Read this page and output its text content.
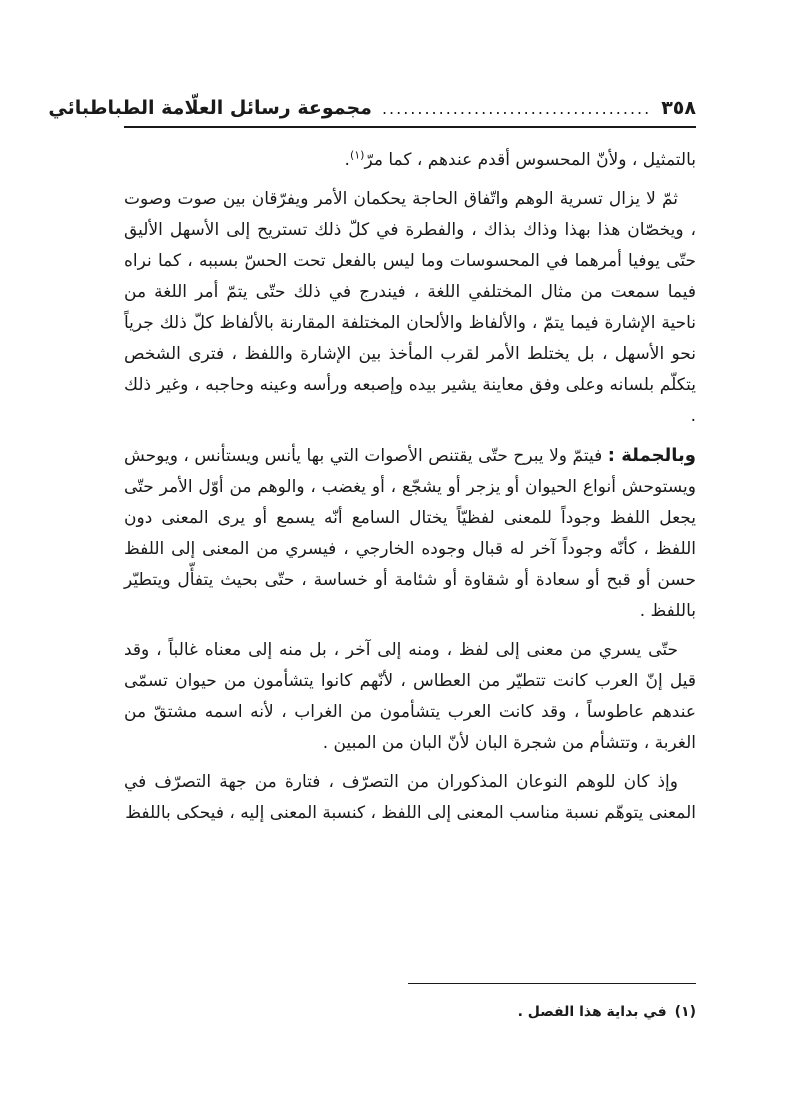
٣٥٨
......................................
مجموعة رسائل العلّامة الطباطبائي

بالتمثيل ، ولأنّ المحسوس أقدم عندهم ، كما مرّ$^{(١)}$.

ثمّ لا يزال تسرية الوهم واتّفاق الحاجة يحكمان الأمر ويفرّقان بين صوت وصوت ، ويخصّان هذا بهذا وذاك بذاك ، والفطرة في كلّ ذلك تستريح إلى الأسهل الأليق حتّى يوفيا أمرهما في المحسوسات وما ليس بالفعل تحت الحسّ بسببه ، كما نراه فيما سمعت من مثال المختلفي اللغة ، فيندرج في ذلك حتّى يتمّ أمر اللغة من ناحية الإشارة فيما يتمّ ، والألفاظ والألحان المختلفة المقارنة بالألفاظ كلّ ذلك جرياً نحو الأسهل ، بل يختلط الأمر لقرب المأخذ بين الإشارة واللفظ ، فترى الشخص يتكلّم بلسانه وعلى وفق معاينة يشير بيده وإصبعه ورأسه وعينه وحاجبه ، وغير ذلك .

وبالجملة : فيتمّ ولا يبرح حتّى يقتنص الأصوات التي بها يأنس ويستأنس ، ويوحش ويستوحش أنواع الحيوان أو يزجر أو يشجّع ، أو يغضب ، والوهم من أوّل الأمر حتّى يجعل اللفظ وجوداً للمعنى لفظيّاً يختال السامع أنّه يسمع أو يرى المعنى دون اللفظ ، كأنّه وجوداً آخر له قبال وجوده الخارجي ، فيسري من المعنى إلى اللفظ حسن أو قبح أو سعادة أو شقاوة أو شئامة أو خساسة ، حتّى بحيث يتفأّل ويتطيّر باللفظ .

حتّى يسري من معنى إلى لفظ ، ومنه إلى آخر ، بل منه إلى معناه غالباً ، وقد قيل إنّ العرب كانت تتطيّر من العطاس ، لأنّهم كانوا يتشأمون من حيوان تسمّى عندهم عاطوساً ، وقد كانت العرب يتشأمون من الغراب ، لأنه اسمه مشتقّ من الغربة ، وتتشأم من شجرة البان لأنّ البان من المبين .

وإذ كان للوهم النوعان المذكوران من التصرّف ، فتارة من جهة التصرّف في المعنى يتوهّم نسبة مناسب المعنى إلى اللفظ ، كنسبة المعنى إليه ، فيحكى باللفظ

(١)في بداية هذا الفصل .
